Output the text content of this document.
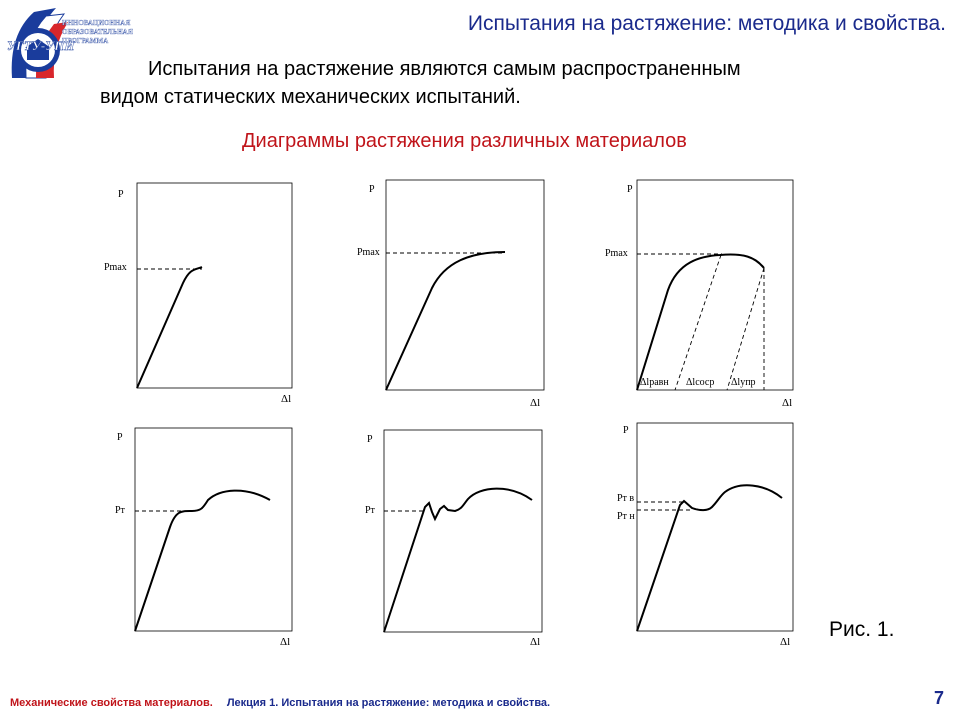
УГТУ-УПИ
ИННОВАЦИОННАЯ
ОБРАЗОВАТЕЛЬНАЯ
ПРОГРАММА
Испытания на растяжение: методика и свойства.
Испытания на растяжение являются самым распространенным
видом статических механических испытаний.
Диаграммы растяжения различных материалов
P
Δl
Pmax
P
Δl
Pmax
P
Δl
Pmax
Δlравн Δlсоср Δlупр
P
Δl
Pт
P
Δl
Pт
P
Δl
Pт в
Pт н
Рис. 1.
Механические свойства материалов. Лекция 1. Испытания на растяжение: методика и свойства.	7
